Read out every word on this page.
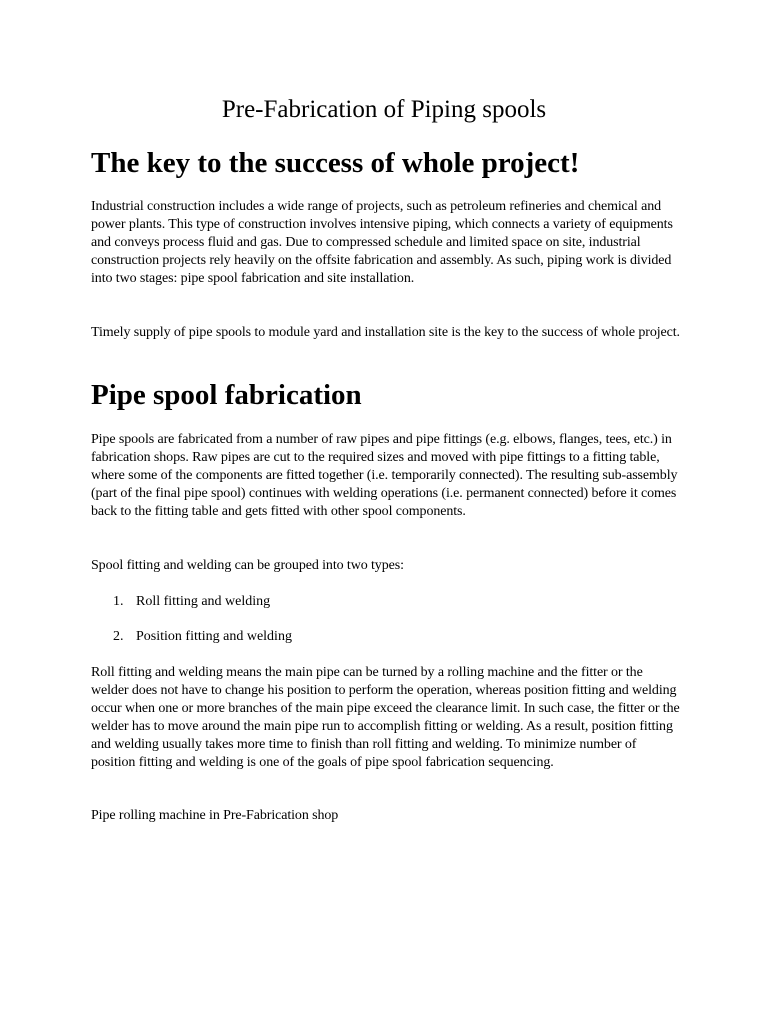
Pre-Fabrication of Piping spools
The key to the success of whole project!

Industrial construction includes a wide range of projects, such as petroleum refineries and chemical and power plants. This type of construction involves intensive piping, which connects a variety of equipments and conveys process fluid and gas. Due to compressed schedule and limited space on site, industrial construction projects rely heavily on the offsite fabrication and assembly. As such, piping work is divided into two stages: pipe spool fabrication and site installation.

Timely supply of pipe spools to module yard and installation site is the key to the success of whole project.

Pipe spool fabrication

Pipe spools are fabricated from a number of raw pipes and pipe fittings (e.g. elbows, flanges, tees, etc.) in fabrication shops. Raw pipes are cut to the required sizes and moved with pipe fittings to a fitting table, where some of the components are fitted together (i.e. temporarily connected). The resulting sub-assembly (part of the final pipe spool) continues with welding operations (i.e. permanent connected) before it comes back to the fitting table and gets fitted with other spool components.

Spool fitting and welding can be grouped into two types:

1. Roll fitting and welding
2. Position fitting and welding

Roll fitting and welding means the main pipe can be turned by a rolling machine and the fitter or the welder does not have to change his position to perform the operation, whereas position fitting and welding occur when one or more branches of the main pipe exceed the clearance limit. In such case, the fitter or the welder has to move around the main pipe run to accomplish fitting or welding. As a result, position fitting and welding usually takes more time to finish than roll fitting and welding. To minimize number of position fitting and welding is one of the goals of pipe spool fabrication sequencing.

Pipe rolling machine in Pre-Fabrication shop
